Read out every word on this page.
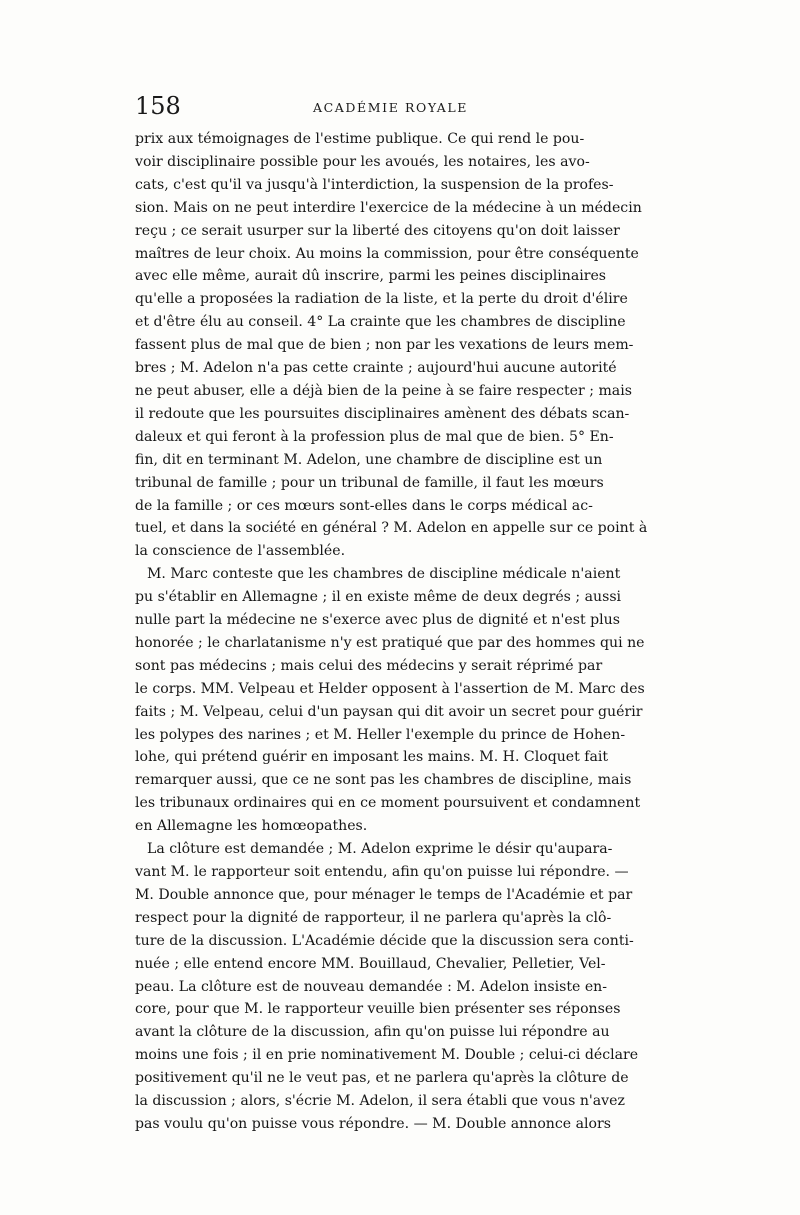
158	ACADÉMIE ROYALE
prix aux témoignages de l'estime publique. Ce qui rend le pou-
voir disciplinaire possible pour les avoués, les notaires, les avo-
cats, c'est qu'il va jusqu'à l'interdiction, la suspension de la profes-
sion. Mais on ne peut interdire l'exercice de la médecine à un médecin
reçu ; ce serait usurper sur la liberté des citoyens qu'on doit laisser
maîtres de leur choix. Au moins la commission, pour être conséquente
avec elle même, aurait dû inscrire, parmi les peines disciplinaires
qu'elle a proposées la radiation de la liste, et la perte du droit d'élire
et d'être élu au conseil. 4° La crainte que les chambres de discipline
fassent plus de mal que de bien ; non par les vexations de leurs mem-
bres ; M. Adelon n'a pas cette crainte ; aujourd'hui aucune autorité
ne peut abuser, elle a déjà bien de la peine à se faire respecter ; mais
il redoute que les poursuites disciplinaires amènent des débats scan-
daleux et qui feront à la profession plus de mal que de bien. 5° En-
fin, dit en terminant M. Adelon, une chambre de discipline est un
tribunal de famille ; pour un tribunal de famille, il faut les mœurs
de la famille ; or ces mœurs sont-elles dans le corps médical ac-
tuel, et dans la société en général ? M. Adelon en appelle sur ce point à
la conscience de l'assemblée.
M. Marc conteste que les chambres de discipline médicale n'aient
pu s'établir en Allemagne ; il en existe même de deux degrés ; aussi
nulle part la médecine ne s'exerce avec plus de dignité et n'est plus
honorée ; le charlatanisme n'y est pratiqué que par des hommes qui ne
sont pas médecins ; mais celui des médecins y serait réprimé par
le corps. MM. Velpeau et Helder opposent à l'assertion de M. Marc des
faits ; M. Velpeau, celui d'un paysan qui dit avoir un secret pour guérir
les polypes des narines ; et M. Heller l'exemple du prince de Hohen-
lohe, qui prétend guérir en imposant les mains. M. H. Cloquet fait
remarquer aussi, que ce ne sont pas les chambres de discipline, mais
les tribunaux ordinaires qui en ce moment poursuivent et condamnent
en Allemagne les homœopathes.
La clôture est demandée ; M. Adelon exprime le désir qu'aupara-
vant M. le rapporteur soit entendu, afin qu'on puisse lui répondre. —
M. Double annonce que, pour ménager le temps de l'Académie et par
respect pour la dignité de rapporteur, il ne parlera qu'après la clô-
ture de la discussion. L'Académie décide que la discussion sera conti-
nuée ; elle entend encore MM. Bouillaud, Chevalier, Pelletier, Vel-
peau. La clôture est de nouveau demandée : M. Adelon insiste en-
core, pour que M. le rapporteur veuille bien présenter ses réponses
avant la clôture de la discussion, afin qu'on puisse lui répondre au
moins une fois ; il en prie nominativement M. Double ; celui-ci déclare
positivement qu'il ne le veut pas, et ne parlera qu'après la clôture de
la discussion ; alors, s'écrie M. Adelon, il sera établi que vous n'avez
pas voulu qu'on puisse vous répondre. — M. Double annonce alors
